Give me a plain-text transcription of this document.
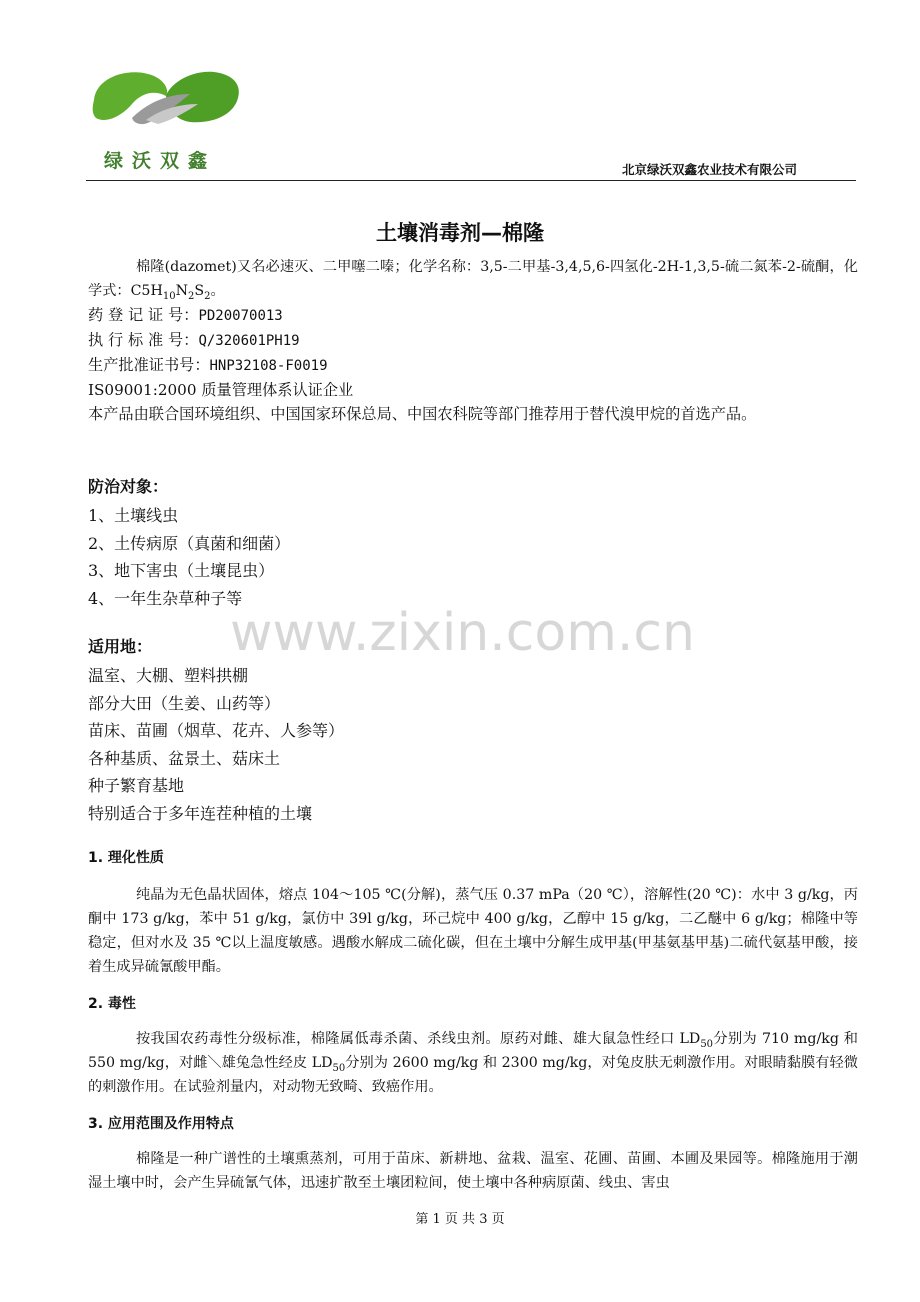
绿沃双鑫	北京绿沃双鑫农业技术有限公司
土壤消毒剂—棉隆

棉隆(dazomet)又名必速灭、二甲噻二嗪；化学名称：3,5-二甲基-3,4,5,6-四氢化-2H-1,3,5-硫二氮苯-2-硫酮，化学式：$C5H_{10}N_2S_2$。

药 登 记 证 号：PD20070013

执 行 标 准 号：Q/320601PH19

生产批准证书号：HNP32108-F0019

IS09001:2000 质量管理体系认证企业

本产品由联合国环境组织、中国国家环保总局、中国农科院等部门推荐用于替代溴甲烷的首选产品。

防治对象：

1、土壤线虫

2、土传病原（真菌和细菌）

3、地下害虫（土壤昆虫）

4、一年生杂草种子等

适用地：

温室、大棚、塑料拱棚

部分大田（生姜、山药等）

苗床、苗圃（烟草、花卉、人参等）

各种基质、盆景土、菇床土

种子繁育基地

特别适合于多年连茬种植的土壤

www.zixin.com.cn

1. 理化性质

纯晶为无色晶状固体，熔点 104～105 ℃(分解)，蒸气压 0.37 mPa（20 ℃），溶解性(20 ℃)：水中 3 g/kg，丙酮中 173 g/kg，苯中 51 g/kg，氯仿中 39l g/kg，环己烷中 400 g/kg，乙醇中 15 g/kg，二乙醚中 6 g/kg；棉隆中等稳定，但对水及 35 ℃以上温度敏感。遇酸水解成二硫化碳，但在土壤中分解生成甲基(甲基氨基甲基)二硫代氨基甲酸，接着生成异硫氰酸甲酯。

2. 毒性

按我国农药毒性分级标准，棉隆属低毒杀菌、杀线虫剂。原药对雌、雄大鼠急性经口 $LD_{50}$分别为 710 mg/kg 和 550 mg/kg，对雌＼雄兔急性经皮 $LD_{50}$分别为 2600 mg/kg 和 2300 mg/kg，对兔皮肤无刺激作用。对眼睛黏膜有轻微的刺激作用。在试验剂量内，对动物无致畸、致癌作用。

3. 应用范围及作用特点

棉隆是一种广谱性的土壤熏蒸剂，可用于苗床、新耕地、盆栽、温室、花圃、苗圃、本圃及果园等。棉隆施用于潮湿土壤中时，会产生异硫氰气体，迅速扩散至土壤团粒间，使土壤中各种病原菌、线虫、害虫

第 1 页 共 3 页
